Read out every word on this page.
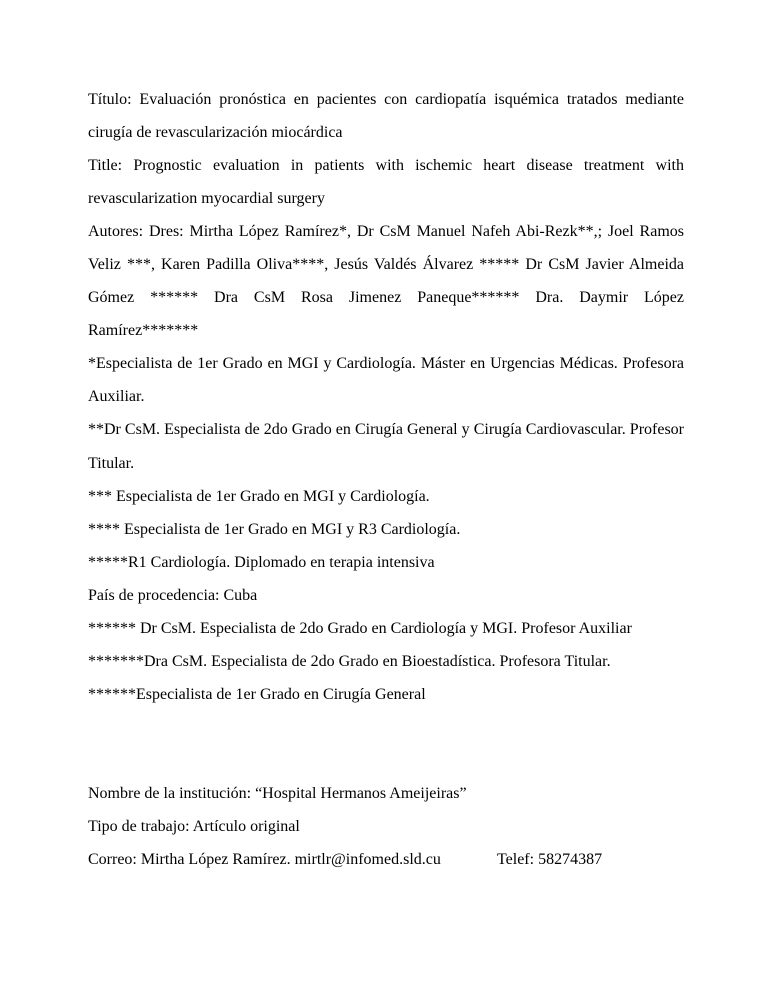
Título: Evaluación pronóstica en pacientes con cardiopatía isquémica tratados mediante cirugía de revascularización miocárdica

Title: Prognostic evaluation in patients with ischemic heart disease treatment with revascularization myocardial surgery

Autores: Dres: Mirtha López Ramírez*, Dr CsM Manuel Nafeh Abi-Rezk**,; Joel Ramos Veliz ***, Karen Padilla Oliva****, Jesús Valdés Álvarez ***** Dr CsM Javier Almeida Gómez ****** Dra CsM Rosa Jimenez Paneque****** Dra. Daymir López Ramírez*******

*Especialista de 1er Grado en MGI y Cardiología. Máster en Urgencias Médicas. Profesora Auxiliar.

**Dr CsM. Especialista de 2do Grado en Cirugía General y Cirugía Cardiovascular. Profesor Titular.

*** Especialista de 1er Grado en MGI y Cardiología.

**** Especialista de 1er Grado en MGI y R3 Cardiología.

*****R1 Cardiología. Diplomado en terapia intensiva

País de procedencia: Cuba

****** Dr CsM. Especialista de 2do Grado en Cardiología y MGI. Profesor Auxiliar

*******Dra CsM. Especialista de 2do Grado en Bioestadística. Profesora Titular.

******Especialista de 1er Grado en Cirugía General

Nombre de la institución: “Hospital Hermanos Ameijeiras”

Tipo de trabajo: Artículo original

Correo: Mirtha López Ramírez. mirtlr@infomed.sld.cu	Telef: 58274387
